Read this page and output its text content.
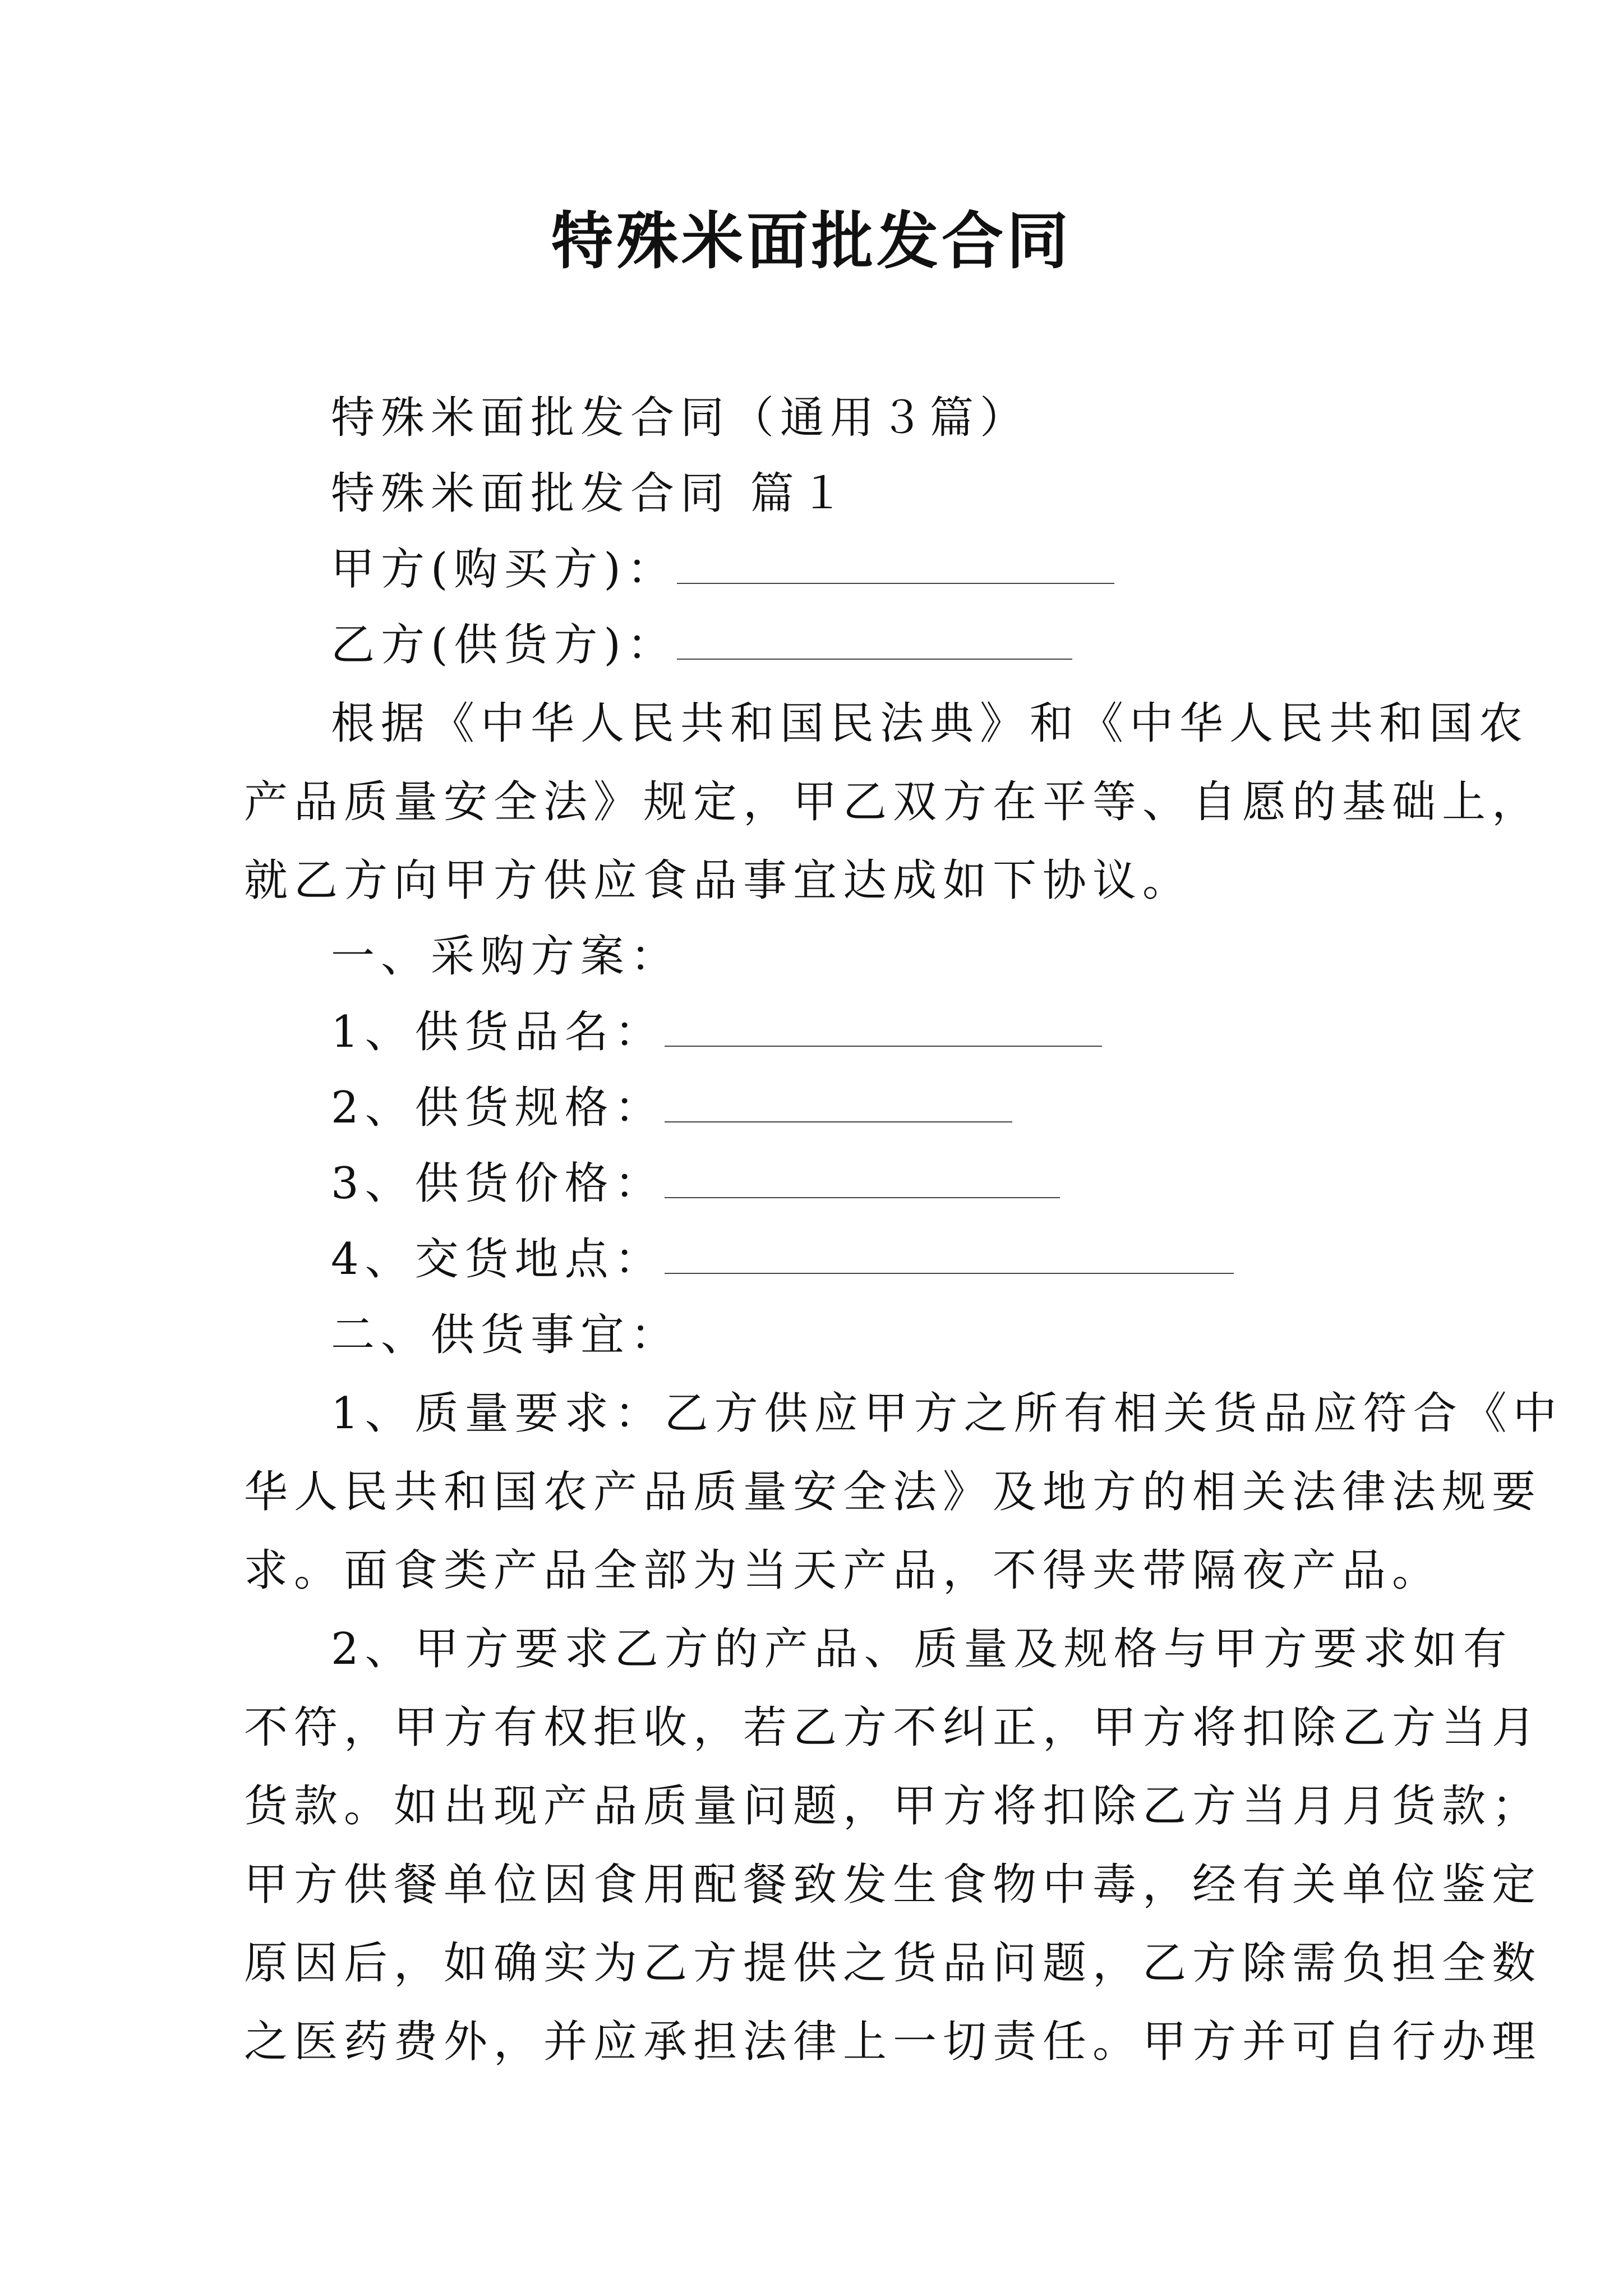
特殊米面批发合同
特殊米面批发合同（通用３篇）
特殊米面批发合同 篇１
甲方(购买方)：
乙方(供货方)：
根据《中华人民共和国民法典》和《中华人民共和国农
产品质量安全法》规定，甲乙双方在平等、自愿的基础上，
就乙方向甲方供应食品事宜达成如下协议。
一、采购方案：
1、供货品名：
2、供货规格：
3、供货价格：
4、交货地点：
二、供货事宜：
1、质量要求：乙方供应甲方之所有相关货品应符合《中
华人民共和国农产品质量安全法》及地方的相关法律法规要
求。面食类产品全部为当天产品，不得夹带隔夜产品。
2、甲方要求乙方的产品、质量及规格与甲方要求如有
不符，甲方有权拒收，若乙方不纠正，甲方将扣除乙方当月
货款。如出现产品质量问题，甲方将扣除乙方当月月货款；
甲方供餐单位因食用配餐致发生食物中毒，经有关单位鉴定
原因后，如确实为乙方提供之货品问题，乙方除需负担全数
之医药费外，并应承担法律上一切责任。甲方并可自行办理
